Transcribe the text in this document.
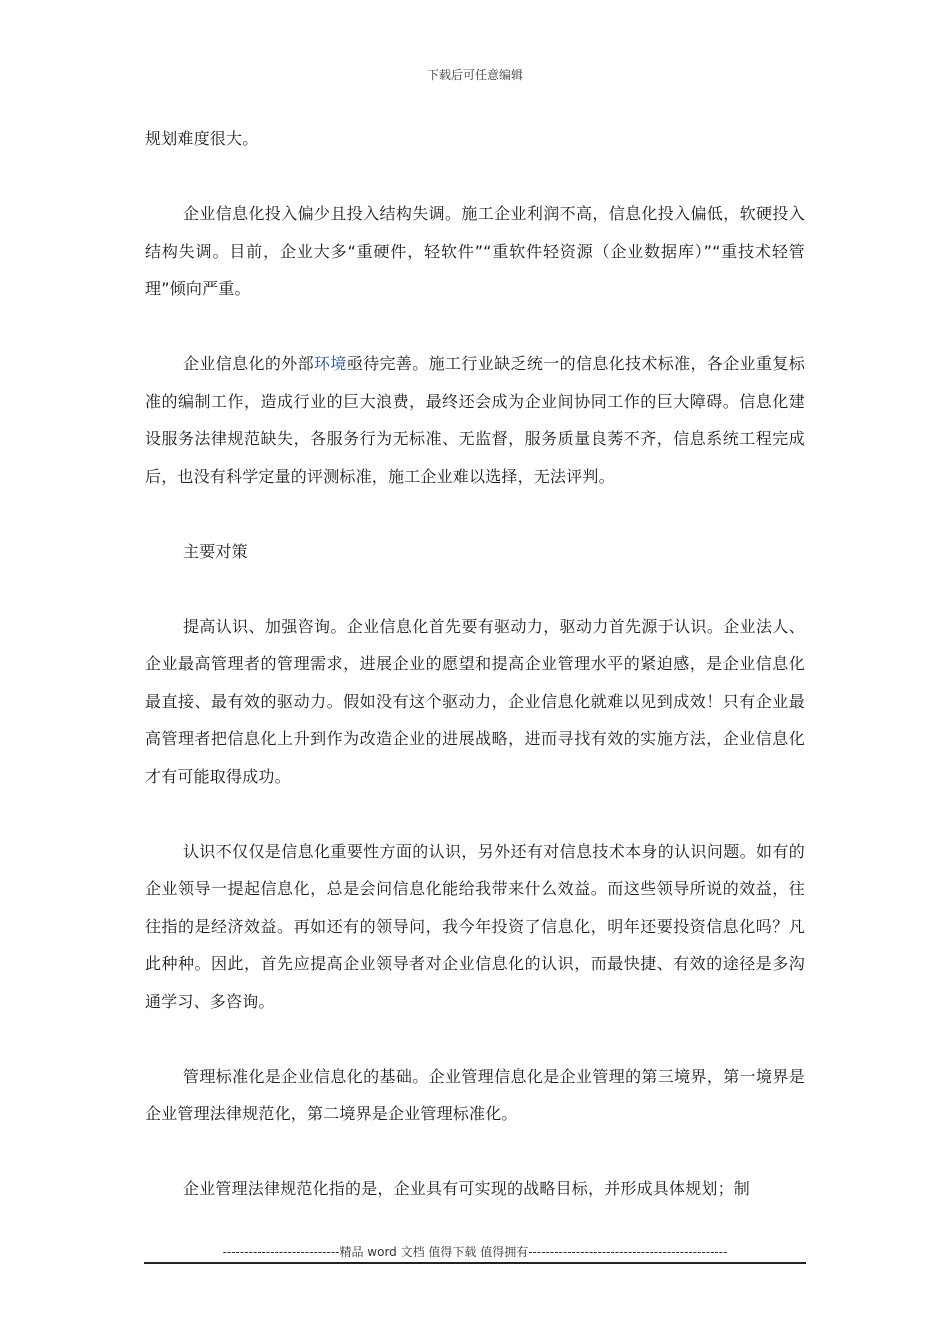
下载后可任意编辑

规划难度很大。

企业信息化投入偏少且投入结构失调。施工企业利润不高，信息化投入偏低，软硬投入结构失调。目前，企业大多“重硬件，轻软件”“重软件轻资源（企业数据库）”“重技术轻管理”倾向严重。

企业信息化的外部环境亟待完善。施工行业缺乏统一的信息化技术标准，各企业重复标准的编制工作，造成行业的巨大浪费，最终还会成为企业间协同工作的巨大障碍。信息化建设服务法律规范缺失，各服务行为无标准、无监督，服务质量良莠不齐，信息系统工程完成后，也没有科学定量的评测标准，施工企业难以选择，无法评判。

主要对策

提高认识、加强咨询。企业信息化首先要有驱动力，驱动力首先源于认识。企业法人、企业最高管理者的管理需求，进展企业的愿望和提高企业管理水平的紧迫感，是企业信息化最直接、最有效的驱动力。假如没有这个驱动力，企业信息化就难以见到成效！只有企业最高管理者把信息化上升到作为改造企业的进展战略，进而寻找有效的实施方法，企业信息化才有可能取得成功。

认识不仅仅是信息化重要性方面的认识，另外还有对信息技术本身的认识问题。如有的企业领导一提起信息化，总是会问信息化能给我带来什么效益。而这些领导所说的效益，往往指的是经济效益。再如还有的领导问，我今年投资了信息化，明年还要投资信息化吗？凡此种种。因此，首先应提高企业领导者对企业信息化的认识，而最快捷、有效的途径是多沟通学习、多咨询。

管理标准化是企业信息化的基础。企业管理信息化是企业管理的第三境界，第一境界是企业管理法律规范化，第二境界是企业管理标准化。

企业管理法律规范化指的是，企业具有可实现的战略目标，并形成具体规划；制

---------------------------精品 word 文档 值得下载 值得拥有----------------------------------------------
